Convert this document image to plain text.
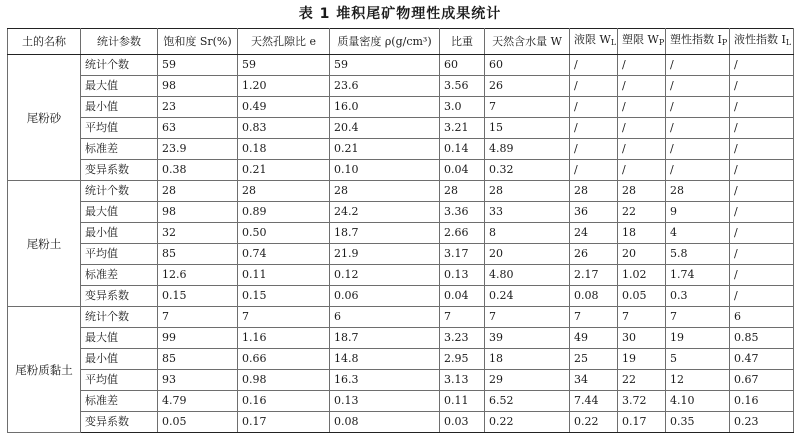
表 1 堆积尾矿物理性成果统计
土的名称	统计参数	饱和度 Sr(%)	天然孔隙比 e	质量密度 ρ(g/cm³)	比重	天然含水量 W	液限 $W_L$	塑限 $W_P$	塑性指数 $I_P$	液性指数 $I_L$
尾粉砂	统计个数	59	59	59	60	60	/	/	/	/
	最大值	98	1.20	23.6	3.56	26	/	/	/	/
	最小值	23	0.49	16.0	3.0	7	/	/	/	/
	平均值	63	0.83	20.4	3.21	15	/	/	/	/
	标准差	23.9	0.18	0.21	0.14	4.89	/	/	/	/
	变异系数	0.38	0.21	0.10	0.04	0.32	/	/	/	/
尾粉土	统计个数	28	28	28	28	28	28	28	28	/
	最大值	98	0.89	24.2	3.36	33	36	22	9	/
	最小值	32	0.50	18.7	2.66	8	24	18	4	/
	平均值	85	0.74	21.9	3.17	20	26	20	5.8	/
	标准差	12.6	0.11	0.12	0.13	4.80	2.17	1.02	1.74	/
	变异系数	0.15	0.15	0.06	0.04	0.24	0.08	0.05	0.3	/
尾粉质黏土	统计个数	7	7	6	7	7	7	7	7	6
	最大值	99	1.16	18.7	3.23	39	49	30	19	0.85
	最小值	85	0.66	14.8	2.95	18	25	19	5	0.47
	平均值	93	0.98	16.3	3.13	29	34	22	12	0.67
	标准差	4.79	0.16	0.13	0.11	6.52	7.44	3.72	4.10	0.16
	变异系数	0.05	0.17	0.08	0.03	0.22	0.22	0.17	0.35	0.23
